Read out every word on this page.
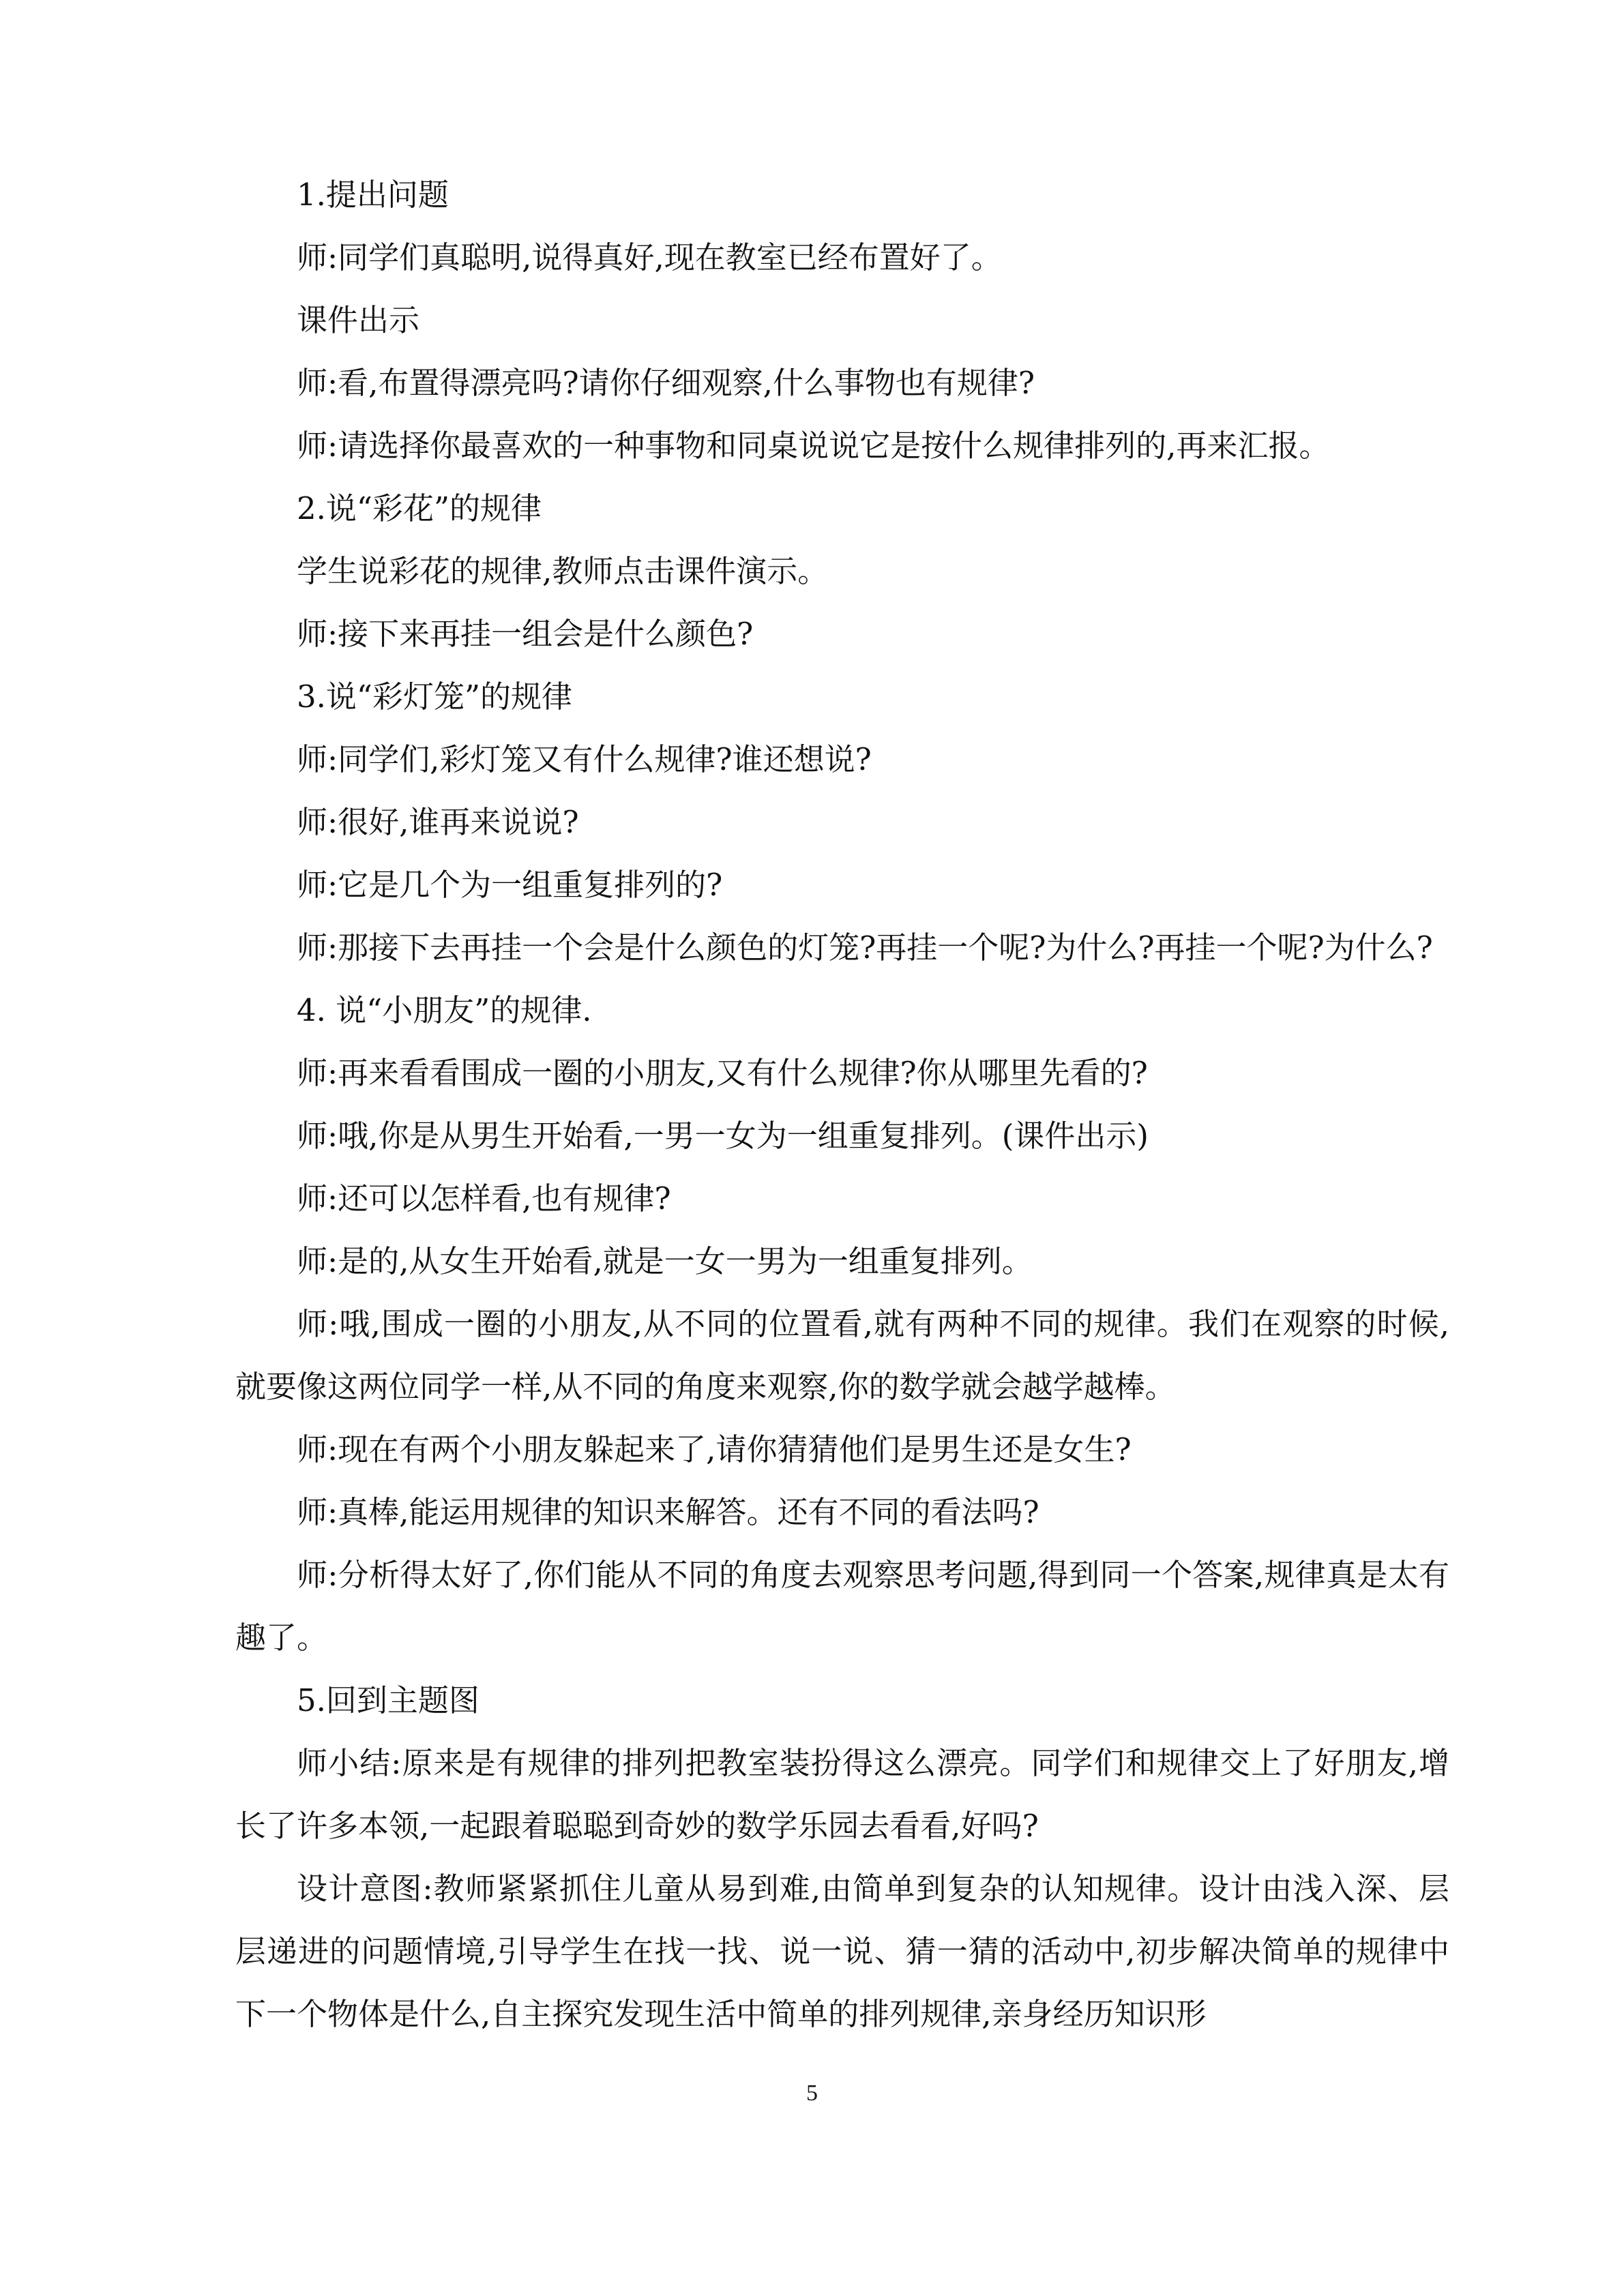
1.提出问题

师:同学们真聪明,说得真好,现在教室已经布置好了。

课件出示

师:看,布置得漂亮吗?请你仔细观察,什么事物也有规律?

师:请选择你最喜欢的一种事物和同桌说说它是按什么规律排列的,再来汇报。

2.说“彩花”的规律

学生说彩花的规律,教师点击课件演示。

师:接下来再挂一组会是什么颜色?

3.说“彩灯笼”的规律

师:同学们,彩灯笼又有什么规律?谁还想说?

师:很好,谁再来说说?

师:它是几个为一组重复排列的?

师:那接下去再挂一个会是什么颜色的灯笼?再挂一个呢?为什么?再挂一个呢?为什么?

4. 说“小朋友”的规律.

师:再来看看围成一圈的小朋友,又有什么规律?你从哪里先看的?

师:哦,你是从男生开始看,一男一女为一组重复排列。(课件出示)

师:还可以怎样看,也有规律?

师:是的,从女生开始看,就是一女一男为一组重复排列。

师:哦,围成一圈的小朋友,从不同的位置看,就有两种不同的规律。我们在观察的时候,就要像这两位同学一样,从不同的角度来观察,你的数学就会越学越棒。

师:现在有两个小朋友躲起来了,请你猜猜他们是男生还是女生?

师:真棒,能运用规律的知识来解答。还有不同的看法吗?

师:分析得太好了,你们能从不同的角度去观察思考问题,得到同一个答案,规律真是太有趣了。

5.回到主题图

师小结:原来是有规律的排列把教室装扮得这么漂亮。同学们和规律交上了好朋友,增长了许多本领,一起跟着聪聪到奇妙的数学乐园去看看,好吗?

设计意图:教师紧紧抓住儿童从易到难,由简单到复杂的认知规律。设计由浅入深、层层递进的问题情境,引导学生在找一找、说一说、猜一猜的活动中,初步解决简单的规律中下一个物体是什么,自主探究发现生活中简单的排列规律,亲身经历知识形

5
